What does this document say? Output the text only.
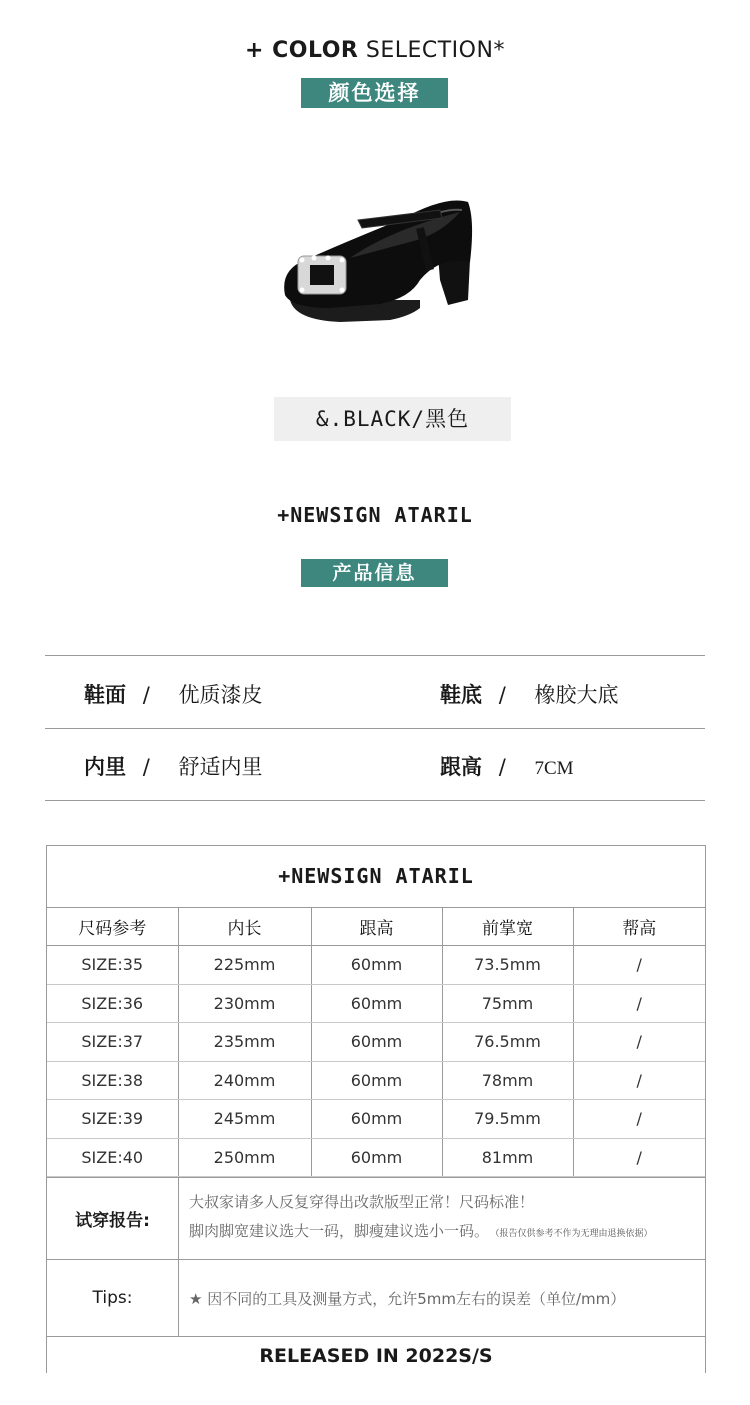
+ COLOR SELECTION*
颜色选择
&.BLACK/黑色
+NEWSIGN ATARIL
产品信息
鞋面 / 优质漆皮	鞋底 / 橡胶大底
内里 / 舒适内里	跟高 / 7CM
+NEWSIGN ATARIL
尺码参考	内长	跟高	前掌宽	帮高
SIZE:35	225mm	60mm	73.5mm	/
SIZE:36	230mm	60mm	75mm	/
SIZE:37	235mm	60mm	76.5mm	/
SIZE:38	240mm	60mm	78mm	/
SIZE:39	245mm	60mm	79.5mm	/
SIZE:40	250mm	60mm	81mm	/
试穿报告:
大叔家请多人反复穿得出改款版型正常！尺码标准！
脚肉脚宽建议选大一码，脚瘦建议选小一码。 （报告仅供参考不作为无理由退换依据）
Tips:	★ 因不同的工具及测量方式，允许5mm左右的误差（单位/mm）
RELEASED IN 2022S/S
